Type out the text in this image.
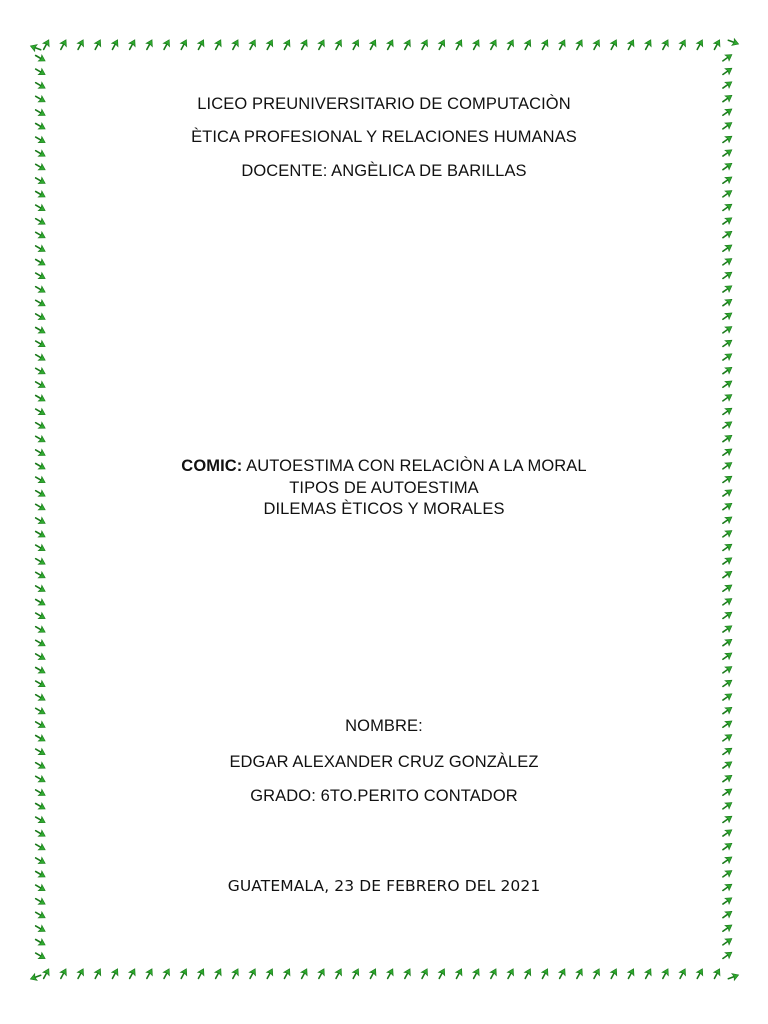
LICEO PREUNIVERSITARIO DE COMPUTACIÒN

ÈTICA PROFESIONAL Y RELACIONES HUMANAS

DOCENTE: ANGÈLICA DE BARILLAS

COMIC: AUTOESTIMA CON RELACIÒN A LA MORAL

TIPOS DE AUTOESTIMA

DILEMAS ÈTICOS Y MORALES

NOMBRE:

EDGAR ALEXANDER CRUZ GONZÀLEZ

GRADO: 6TO.PERITO CONTADOR

GUATEMALA, 23 DE FEBRERO DEL 2021
